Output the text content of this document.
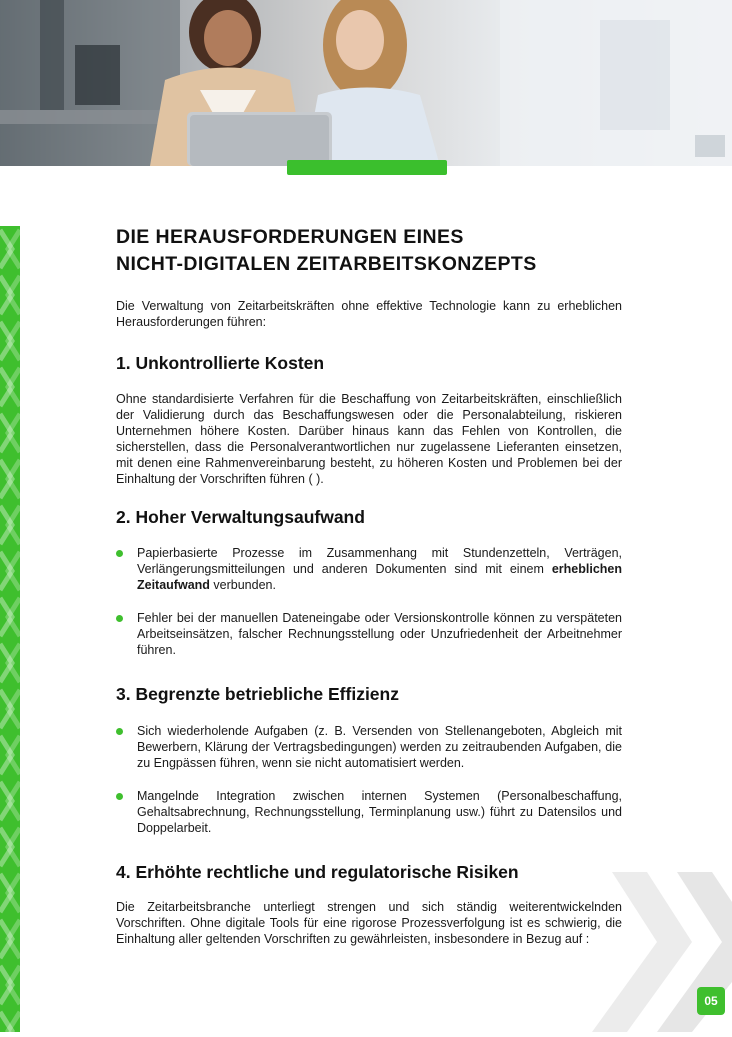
DIE HERAUSFORDERUNGEN EINES
NICHT-DIGITALEN ZEITARBEITSKONZEPTS

Die Verwaltung von Zeitarbeitskräften ohne effektive Technologie kann zu erheblichen Herausforderungen führen:

1. Unkontrollierte Kosten

Ohne standardisierte Verfahren für die Beschaffung von Zeitarbeitskräften, einschließlich der Validierung durch das Beschaffungswesen oder die Personalabteilung, riskieren Unternehmen höhere Kosten. Darüber hinaus kann das Fehlen von Kontrollen, die sicherstellen, dass die Personalverantwortlichen nur zugelassene Lieferanten einsetzen, mit denen eine Rahmenvereinbarung besteht, zu höheren Kosten und Problemen bei der Einhaltung der Vorschriften führen ( ).

2. Hoher Verwaltungsaufwand

Papierbasierte Prozesse im Zusammenhang mit Stundenzetteln, Verträgen, Verlängerungsmitteilungen und anderen Dokumenten sind mit einem erheblichen Zeitaufwand verbunden.

Fehler bei der manuellen Dateneingabe oder Versionskontrolle können zu verspäteten Arbeitseinsätzen, falscher Rechnungsstellung oder Unzufriedenheit der Arbeitnehmer führen.

3. Begrenzte betriebliche Effizienz

Sich wiederholende Aufgaben (z. B. Versenden von Stellenangeboten, Abgleich mit Bewerbern, Klärung der Vertragsbedingungen) werden zu zeitraubenden Aufgaben, die zu Engpässen führen, wenn sie nicht automatisiert werden.

Mangelnde Integration zwischen internen Systemen (Personalbeschaffung, Gehaltsabrechnung, Rechnungsstellung, Terminplanung usw.) führt zu Datensilos und Doppelarbeit.

4. Erhöhte rechtliche und regulatorische Risiken

Die Zeitarbeitsbranche unterliegt strengen und sich ständig weiterentwickelnden Vorschriften. Ohne digitale Tools für eine rigorose Prozessverfolgung ist es schwierig, die Einhaltung aller geltenden Vorschriften zu gewährleisten, insbesondere in Bezug auf :

05
